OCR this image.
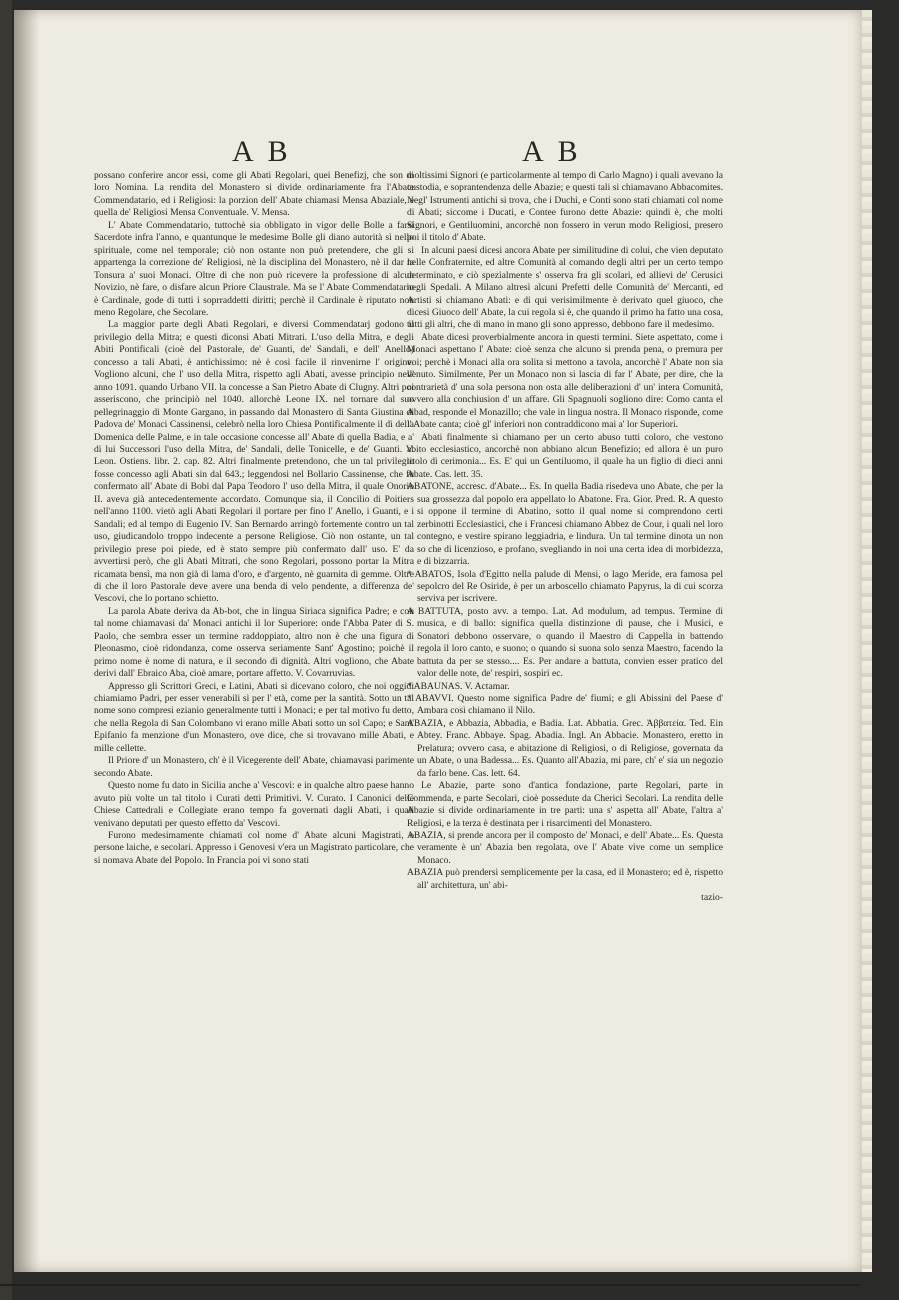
AB	AB

possano conferire ancor essi, come gli Abati Regolari, quei Benefizj, che son di loro Nomina. La rendita del Monastero si divide ordinariamente fra l'Abate Commendatario, ed i Religiosi: la porzion dell' Abate chiamasi Mensa Abaziale, e quella de' Religiosi Mensa Conventuale. V. Mensa.

L' Abate Commendatario, tuttochè sia obbligato in vigor delle Bolle a farsi Sacerdote infra l'anno, e quantunque le medesime Bolle gli diano autorità sì nello spirituale, come nel temporale; ciò non ostante non può pretendere, che gli si appartenga la correzione de' Religiosi, nè la disciplina del Monastero, nè il dar la Tonsura a' suoi Monaci. Oltre di che non può ricevere la professione di alcun Novizio, nè fare, o disfare alcun Priore Claustrale. Ma se l' Abate Commendatario è Cardinale, gode di tutti i soprraddetti diritti; perchè il Cardinale è riputato non meno Regolare, che Secolare.

La maggior parte degli Abati Regolari, e diversi Commendatarj godono il privilegio della Mitra; e questi diconsi Abati Mitrati. L'uso della Mitra, e degli Abiti Pontificali (cioè del Pastorale, de' Guanti, de' Sandali, e dell' Anello) concesso a tali Abati, è antichissimo: nè è così facile il rinvenirne l' origine. Vogliono alcuni, che l' uso della Mitra, rispetto agli Abati, avesse principio nell' anno 1091. quando Urbano VII. la concesse a San Pietro Abate di Clugny. Altri poi asseriscono, che principiò nel 1040. allorchè Leone IX. nel tornare dal suo pellegrinaggio di Monte Gargano, in passando dal Monastero di Santa Giustina di Padova de' Monaci Cassinensi, celebrò nella loro Chiesa Pontificalmente il dì della Domenica delle Palme, e in tale occasione concesse all' Abate di quella Badia, e a' di lui Successori l'uso della Mitra, de' Sandali, delle Tonicelle, e de' Guanti. V. Leon. Ostiens. libr. 2. cap. 82. Altri finalmente pretendono, che un tal privilegio fosse concesso agli Abati sin dal 643.; leggendosi nel Bollario Cassinense, che fu confermato all' Abate di Bobi dal Papa Teodoro l' uso della Mitra, il quale Onorio II. aveva già antecedentemente accordato. Comunque sia, il Concilio di Poitiers nell'anno 1100. vietò agli Abati Regolari il portare per fino l' Anello, i Guanti, e i Sandali; ed al tempo di Eugenio IV. San Bernardo arringò fortemente contro un tal uso, giudicandolo troppo indecente a persone Religiose. Ciò non ostante, un tal privilegio prese poi piede, ed è stato sempre più confermato dall' uso. E' da avvertirsi però, che gli Abati Mitrati, che sono Regolari, possono portar la Mitra ricamata bensì, ma non già di lama d'oro, e d'argento, nè guarnita di gemme. Oltre di che il loro Pastorale deve avere una benda di velo pendente, a differenza de' Vescovi, che lo portano schietto.

La parola Abate deriva da Ab-bot, che in lingua Siriaca significa Padre; e con tal nome chiamavasi da' Monaci antichi il lor Superiore: onde l'Abba Pater di S. Paolo, che sembra esser un termine raddoppiato, altro non è che una figura di Pleonasmo, cioè ridondanza, come osserva seriamente Sant' Agostino; poichè il primo nome è nome di natura, e il secondo di dignità. Altri vogliono, che Abate derivi dall' Ebraico Aba, cioè amare, portare affetto. V. Covarruvias.

Appresso gli Scrittori Greci, e Latini, Abati si dicevano coloro, che noi oggidì chiamiamo Padri, per esser venerabili sì per l' età, come per la santità. Sotto un tal nome sono compresi ezianio generalmente tutti i Monaci; e per tal motivo fu detto, che nella Regola di San Colombano vi erano mille Abati sotto un sol Capo; e Sant' Epifanio fa menzione d'un Monastero, ove dice, che si trovavano mille Abati, e mille cellette.

Il Priore d' un Monastero, ch' è il Vicegerente dell' Abate, chiamavasi parimente secondo Abate.

Questo nome fu dato in Sicilia anche a' Vescovi: e in qualche altro paese hanno avuto più volte un tal titolo i Curati detti Primitivi. V. Curato. I Canonici delle Chiese Cattedrali e Collegiate erano tempo fa governati dagli Abati, i quali venivano deputati per questo effetto da' Vescovi.

Furono medesimamente chiamati col nome d' Abate alcuni Magistrati, o persone laiche, e secolari. Appresso i Genovesi v'era un Magistrato particolare, che si nomava Abate del Popolo. In Francia poi vi sono stati

moltissimi Signori (e particolarmente al tempo di Carlo Magno) i quali avevano la custodia, e soprantendenza delle Abazie; e questi tali si chiamavano Abbacomites. Negl' Istrumenti antichi si trova, che i Duchi, e Conti sono stati chiamati col nome di Abati; siccome i Ducati, e Contee furono dette Abazie: quindi è, che molti Signori, e Gentiluomini, ancorchè non fossero in verun modo Religiosi, presero poi il titolo d' Abate.

In alcuni paesi dicesi ancora Abate per similitudine di colui, che vien deputato nelle Confraternite, ed altre Comunità al comando degli altri per un certo tempo determinato, e ciò spezialmente s' osserva fra gli scolari, ed allievi de' Cerusici negli Spedali. A Milano altresì alcuni Prefetti delle Comunità de' Mercanti, ed Artisti si chiamano Abati: e di qui verisimilmente è derivato quel giuoco, che dicesi Giuoco dell' Abate, la cui regola si è, che quando il primo ha fatto una cosa, tutti gli altri, che di mano in mano gli sono appresso, debbono fare il medesimo.

Abate dicesi proverbialmente ancora in questi termini. Siete aspettato, come i Monaci aspettano l' Abate: cioè senza che alcuno si prenda pena, o premura per voi; perchè i Monaci alla ora solita si mettono a tavola, ancorchè l' Abate non sia venuto. Similmente, Per un Monaco non si lascia di far l' Abate, per dire, che la contrarietà d' una sola persona non osta alle deliberazioni d' un' intera Comunità, ovvero alla conchiusion d' un affare. Gli Spagnuoli sogliono dire: Como canta el Abad, responde el Monazillo; che vale in lingua nostra. Il Monaco risponde, come l' Abate canta; cioè gl' inferiori non contraddicono mai a' lor Superiori.

Abati finalmente si chiamano per un certo abuso tutti coloro, che vestono abito ecclesiastico, ancorchè non abbiano alcun Benefizio; ed allora è un puro titolo di cerimonia... Es. E' qui un Gentiluomo, il quale ha un figlio di dieci anni Abate. Cas. lett. 35.

ABATONE, accresc. d'Abate... Es. In quella Badia risedeva uno Abate, che per la sua grossezza dal popolo era appellato lo Abatone. Fra. Gior. Pred. R. A questo si oppone il termine di Abatino, sotto il qual nome si comprendono certi zerbinotti Ecclesiastici, che i Francesi chiamano Abbez de Cour, i quali nel loro contegno, e vestire spirano leggiadria, e lindura. Un tal termine dinota un non so che di licenzioso, e profano, svegliando in noi una certa idea di morbidezza, e di bizzarria.

* ABATOS, Isola d'Egitto nella palude di Mensi, o lago Meride, era famosa pel sepolcro del Re Osiride, è per un arboscello chiamato Papyrus, la di cui scorza serviva per iscrivere.

A BATTUTA, posto avv. a tempo. Lat. Ad modulum, ad tempus. Termine di musica, e di ballo: significa quella distinzione di pause, che i Musici, e Sonatori debbono osservare, o quando il Maestro di Cappella in battendo regola il loro canto, e suono; o quando si suona solo senza Maestro, facendo la battuta da per se stesso.... Es. Per andare a battuta, convien esser pratico del valor delle note, de' respiri, sospiri ec.

* ABAUNAS. V. Actamar.

* ABAVVI. Questo nome significa Padre de' fiumi; e gli Abissini del Paese d' Ambara così chiamano il Nilo.

ABAZIA, e Abbazia, Abbadia, e Badia. Lat. Abbatia. Grec. Ἀββατεία. Ted. Ein Abtey. Franc. Abbaye. Spag. Abadia. Ingl. An Abbacie. Monastero, eretto in Prelatura; ovvero casa, e abitazione di Religiosi, o di Religiose, governata da un Abate, o una Badessa... Es. Quanto all'Abazia, mi pare, ch' e' sia un negozio da farlo bene. Cas. lett. 64.

Le Abazie, parte sono d'antica fondazione, parte Regolari, parte in Commenda, e parte Secolari, cioè possedute da Cherici Secolari. La rendita delle Abazie si divide ordinariamente in tre parti: una s' aspetta all' Abate, l'altra a' Religiosi, e la terza è destinata per i risarcimenti del Monastero.

ABAZIA, si prende ancora per il composto de' Monaci, e dell' Abate... Es. Questa veramente è un' Abazia ben regolata, ove l' Abate vive come un semplice Monaco.

ABAZIA può prendersi semplicemente per la casa, ed il Monastero; ed è, rispetto all' architettura, un' abi-

tazio-
